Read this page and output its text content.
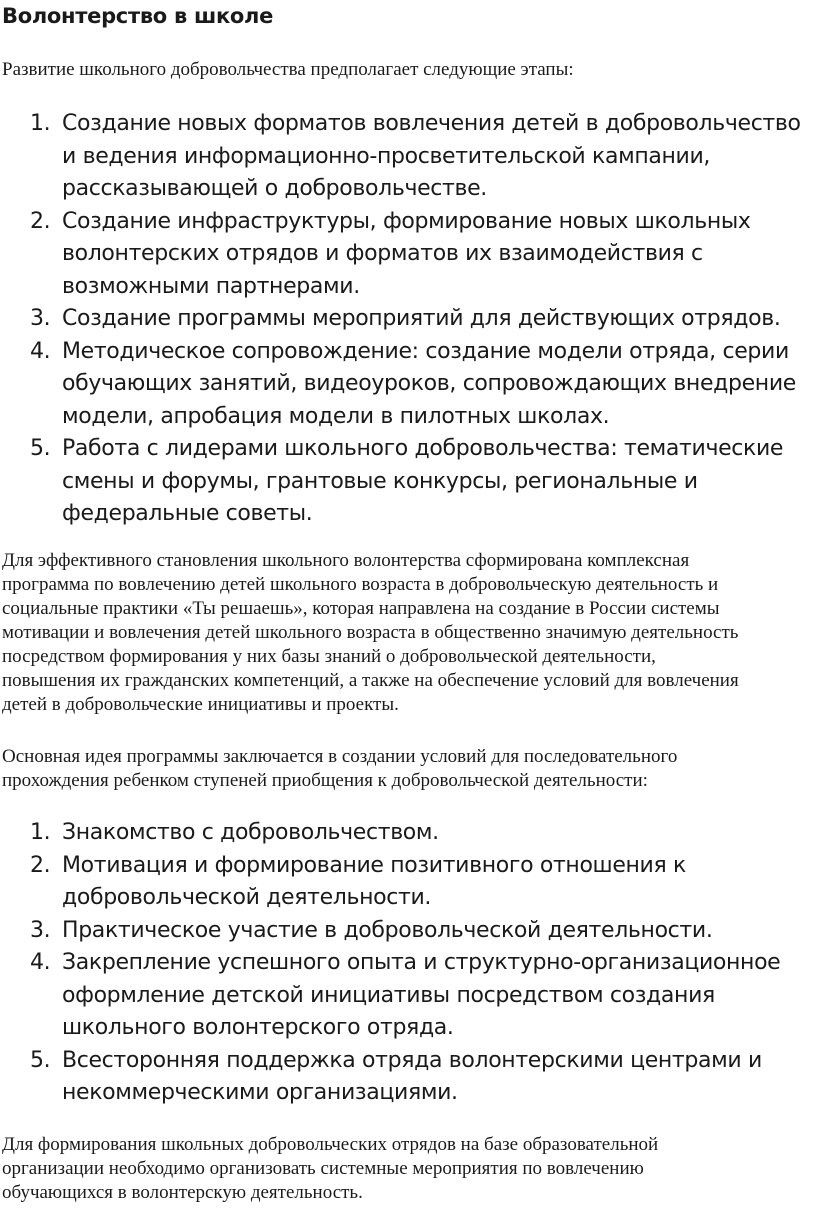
Волонтерство в школе

Развитие школьного добровольчества предполагает следующие этапы:

1. Создание новых форматов вовлечения детей в добровольчество
и ведения информационно-просветительской кампании,
рассказывающей о добровольчестве.
2. Создание инфраструктуры, формирование новых школьных
волонтерских отрядов и форматов их взаимодействия с
возможными партнерами.
3. Создание программы мероприятий для действующих отрядов.
4. Методическое сопровождение: создание модели отряда, серии
обучающих занятий, видеоуроков, сопровождающих внедрение
модели, апробация модели в пилотных школах.
5. Работа с лидерами школьного добровольчества: тематические
смены и форумы, грантовые конкурсы, региональные и
федеральные советы.

Для эффективного становления школьного волонтерства сформирована комплексная
программа по вовлечению детей школьного возраста в добровольческую деятельность и
социальные практики «Ты решаешь», которая направлена на создание в России системы
мотивации и вовлечения детей школьного возраста в общественно значимую деятельность
посредством формирования у них базы знаний о добровольческой деятельности,
повышения их гражданских компетенций, а также на обеспечение условий для вовлечения
детей в добровольческие инициативы и проекты.

Основная идея программы заключается в создании условий для последовательного
прохождения ребенком ступеней приобщения к добровольческой деятельности:

1. Знакомство с добровольчеством.
2. Мотивация и формирование позитивного отношения к
добровольческой деятельности.
3. Практическое участие в добровольческой деятельности.
4. Закрепление успешного опыта и структурно-организационное
оформление детской инициативы посредством создания
школьного волонтерского отряда.
5. Всесторонняя поддержка отряда волонтерскими центрами и
некоммерческими организациями.

Для формирования школьных добровольческих отрядов на базе образовательной
организации необходимо организовать системные мероприятия по вовлечению
обучающихся в волонтерскую деятельность.
